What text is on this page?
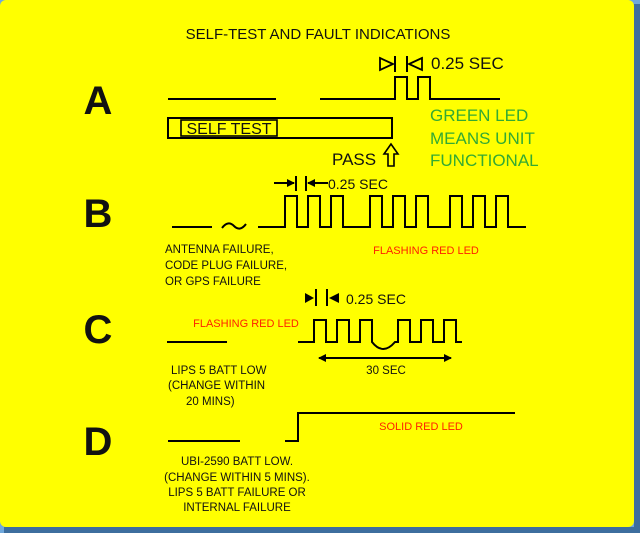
SELF-TEST AND FAULT INDICATIONS
A
0.25 SEC
SELF TEST
PASS
GREEN LED
MEANS UNIT
FUNCTIONAL
B
0.25 SEC
ANTENNA FAILURE,
CODE PLUG FAILURE,
OR GPS FAILURE
FLASHING RED LED
C
0.25 SEC
FLASHING RED LED
30 SEC
LIPS 5 BATT LOW
(CHANGE WITHIN
20 MINS)
D	SOLID RED LED
UBI-2590 BATT LOW.
(CHANGE WITHIN 5 MINS).
LIPS 5 BATT FAILURE OR
INTERNAL FAILURE
